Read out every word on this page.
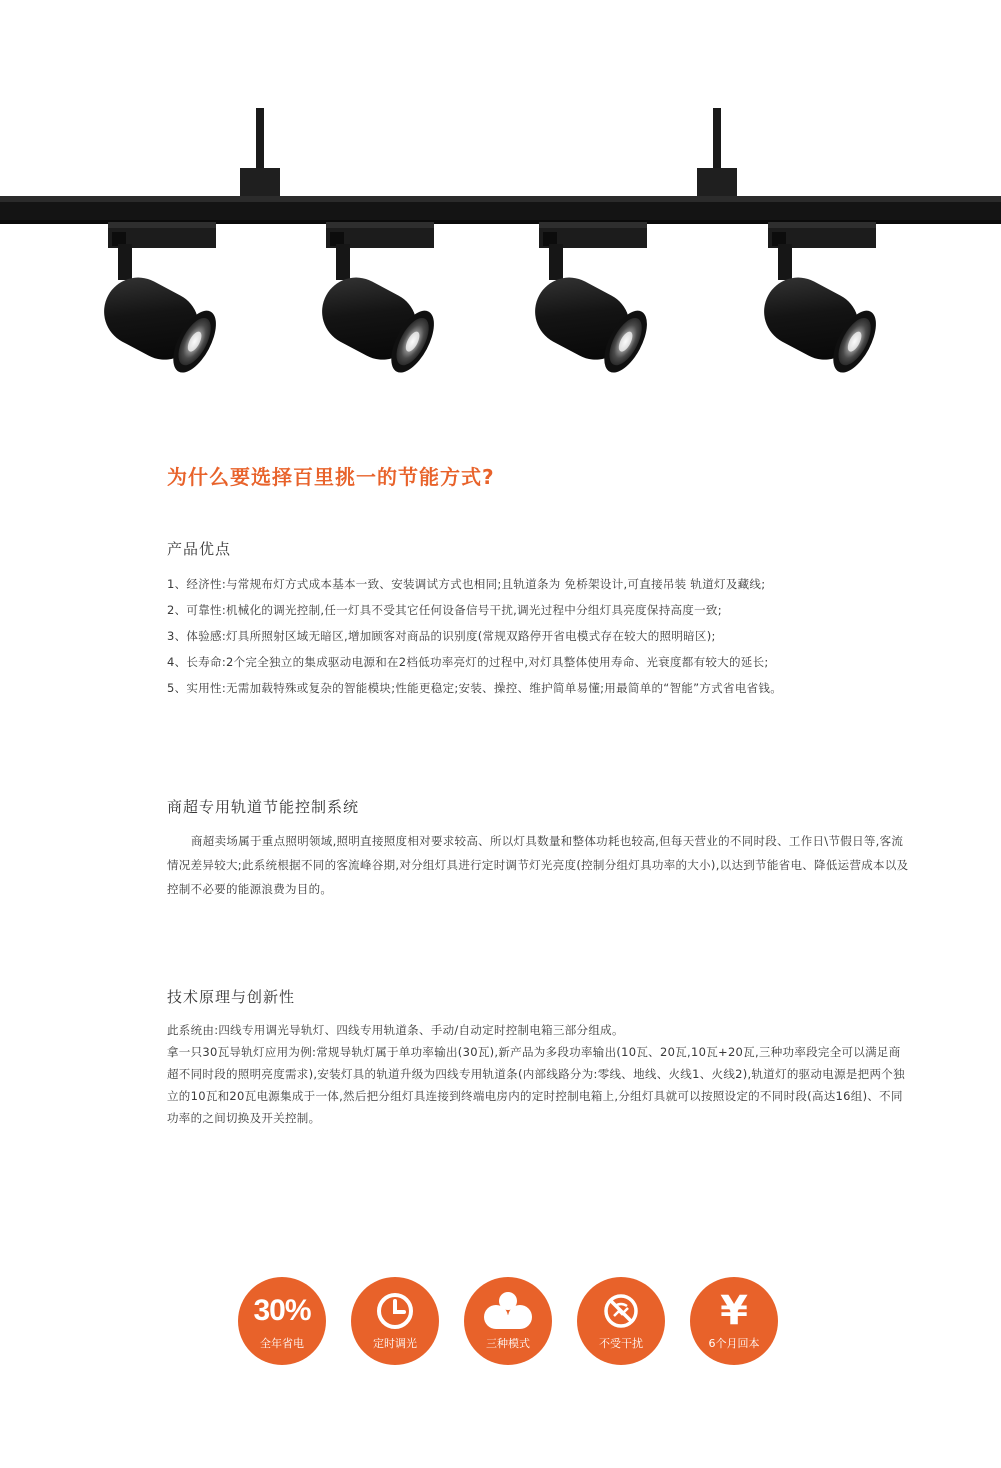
为什么要选择百里挑一的节能方式?
产品优点

1、经济性:与常规布灯方式成本基本一致、安装调试方式也相同;且轨道条为 免桥架设计,可直接吊装 轨道灯及藏线;

2、可靠性:机械化的调光控制,任一灯具不受其它任何设备信号干扰,调光过程中分组灯具亮度保持高度一致;

3、体验感:灯具所照射区域无暗区,增加顾客对商品的识别度(常规双路停开省电模式存在较大的照明暗区);

4、长寿命:2个完全独立的集成驱动电源和在2档低功率亮灯的过程中,对灯具整体使用寿命、光衰度都有较大的延长;

5、实用性:无需加载特殊或复杂的智能模块;性能更稳定;安装、操控、维护简单易懂;用最简单的“智能”方式省电省钱。

商超专用轨道节能控制系统

商超卖场属于重点照明领域,照明直接照度相对要求较高、所以灯具数量和整体功耗也较高,但每天营业的不同时段、工作日\节假日等,客流情况差异较大;此系统根据不同的客流峰谷期,对分组灯具进行定时调节灯光亮度(控制分组灯具功率的大小),以达到节能省电、降低运营成本以及控制不必要的能源浪费为目的。

技术原理与创新性

此系统由:四线专用调光导轨灯、四线专用轨道条、手动/自动定时控制电箱三部分组成。

拿一只30瓦导轨灯应用为例:常规导轨灯属于单功率输出(30瓦),新产品为多段功率输出(10瓦、20瓦,10瓦+20瓦,三种功率段完全可以满足商超不同时段的照明亮度需求),安装灯具的轨道升级为四线专用轨道条(内部线路分为:零线、地线、火线1、火线2),轨道灯的驱动电源是把两个独立的10瓦和20瓦电源集成于一体,然后把分组灯具连接到终端电房内的定时控制电箱上,分组灯具就可以按照设定的不同时段(高达16组)、不同功率的之间切换及开关控制。

30%
全年省电	定时调光	三种模式	不受干扰
¥
6个月回本
